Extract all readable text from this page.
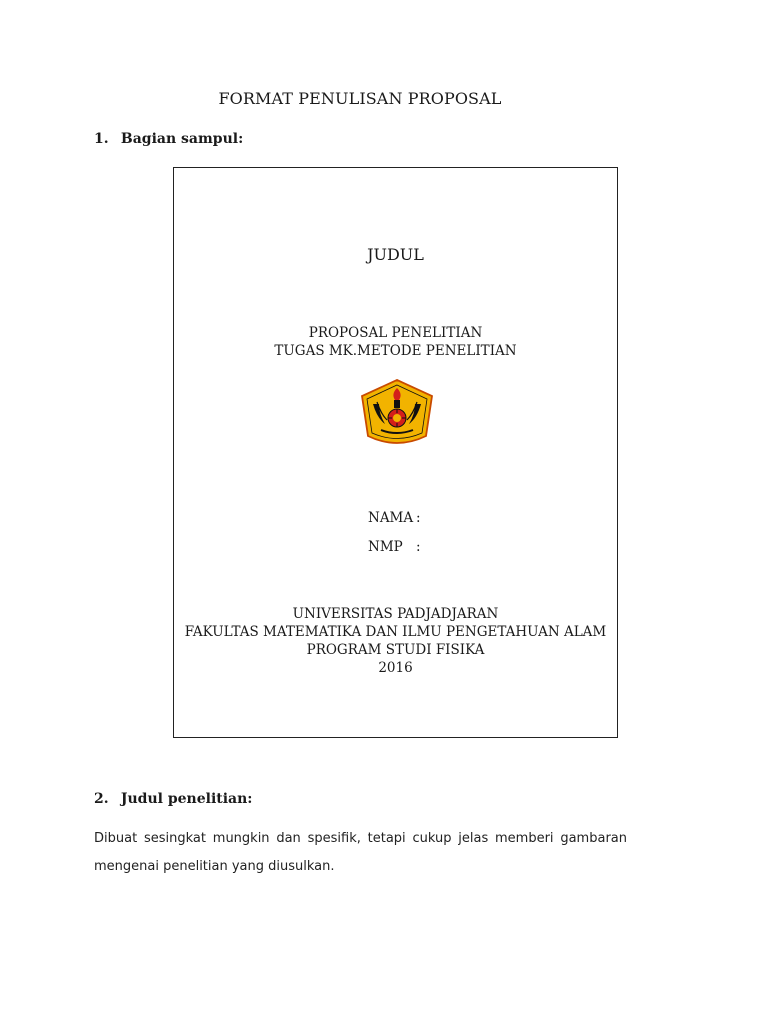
FORMAT PENULISAN PROPOSAL
1. Bagian sampul:
JUDUL
PROPOSAL PENELITIAN
TUGAS MK.METODE PENELITIAN
NAMA :
NMP :
UNIVERSITAS PADJADJARAN
FAKULTAS MATEMATIKA DAN ILMU PENGETAHUAN ALAM
PROGRAM STUDI FISIKA
2016
2. Judul penelitian:
Dibuat sesingkat mungkin dan spesifik, tetapi cukup jelas memberi gambaran mengenai penelitian yang diusulkan.
